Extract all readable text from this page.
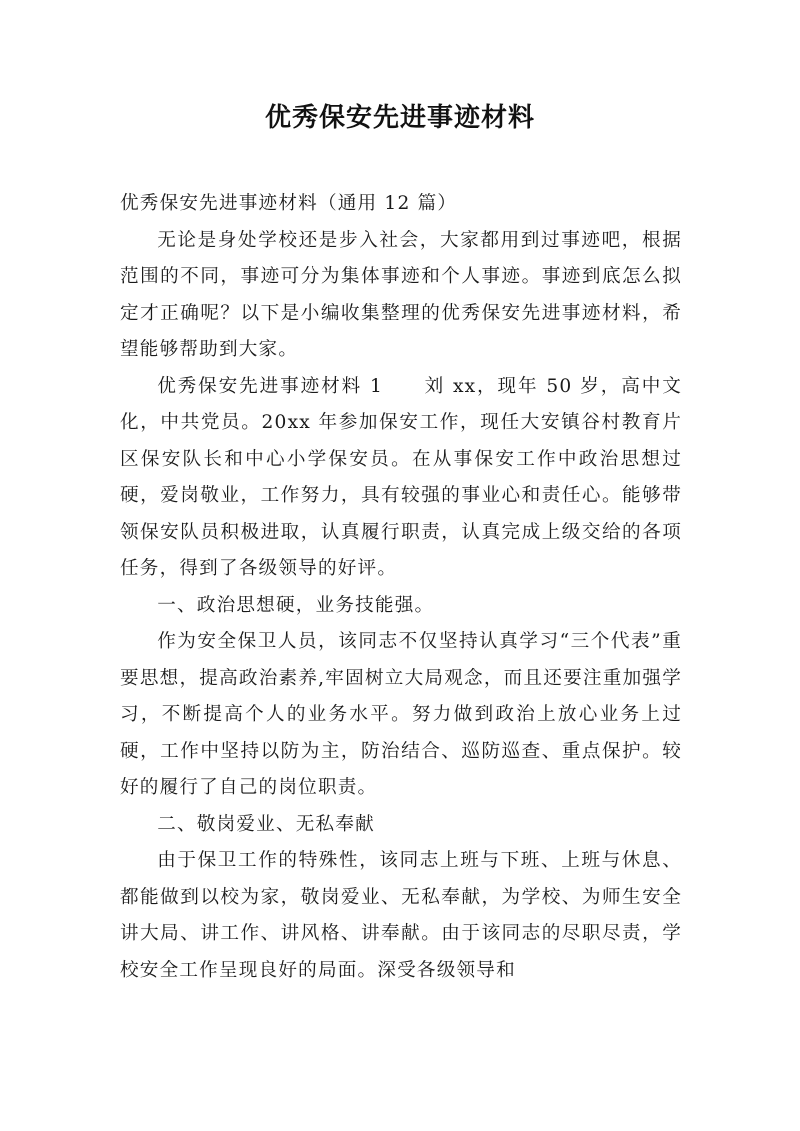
优秀保安先进事迹材料

优秀保安先进事迹材料（通用 12 篇）

无论是身处学校还是步入社会，大家都用到过事迹吧，根据范围的不同，事迹可分为集体事迹和个人事迹。事迹到底怎么拟定才正确呢？以下是小编收集整理的优秀保安先进事迹材料，希望能够帮助到大家。

优秀保安先进事迹材料 1　　刘 xx，现年 50 岁，高中文化，中共党员。20xx 年参加保安工作，现任大安镇谷村教育片区保安队长和中心小学保安员。在从事保安工作中政治思想过硬，爱岗敬业，工作努力，具有较强的事业心和责任心。能够带领保安队员积极进取，认真履行职责，认真完成上级交给的各项任务，得到了各级领导的好评。

一、政治思想硬，业务技能强。

作为安全保卫人员，该同志不仅坚持认真学习“三个代表”重要思想，提高政治素养,牢固树立大局观念，而且还要注重加强学习，不断提高个人的业务水平。努力做到政治上放心业务上过硬，工作中坚持以防为主，防治结合、巡防巡查、重点保护。较好的履行了自己的岗位职责。

二、敬岗爱业、无私奉献

由于保卫工作的特殊性，该同志上班与下班、上班与休息、都能做到以校为家，敬岗爱业、无私奉献，为学校、为师生安全讲大局、讲工作、讲风格、讲奉献。由于该同志的尽职尽责，学校安全工作呈现良好的局面。深受各级领导和
